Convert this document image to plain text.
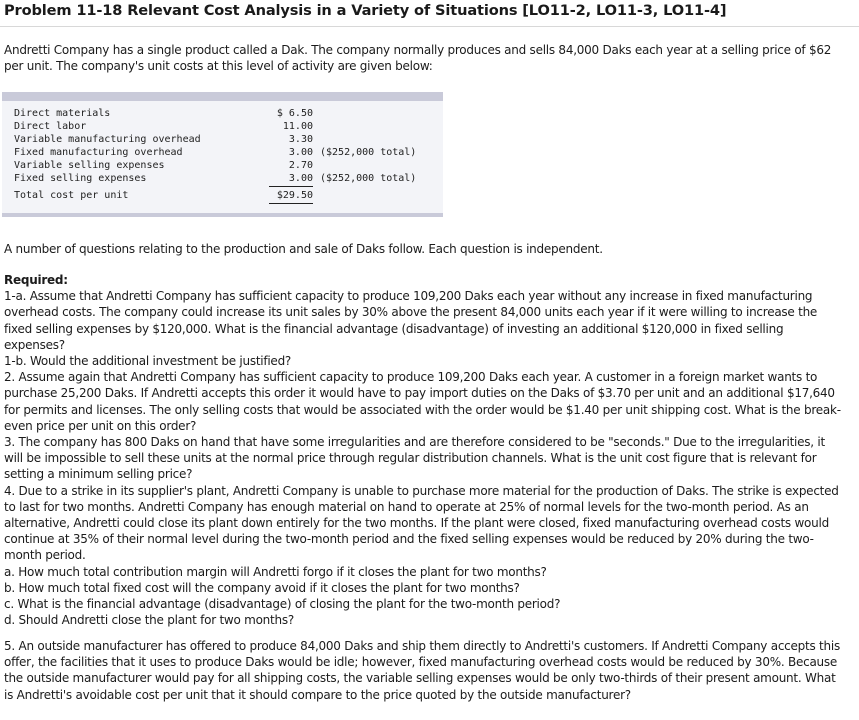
Problem 11-18 Relevant Cost Analysis in a Variety of Situations [LO11-2, LO11-3, LO11-4]

Andretti Company has a single product called a Dak. The company normally produces and sells 84,000 Daks each year at a selling price of $62 per unit. The company's unit costs at this level of activity are given below:

Direct materials	$ 6.50
Direct labor	11.00
Variable manufacturing overhead	3.30
Fixed manufacturing overhead	3.00 ($252,000 total)
Variable selling expenses	2.70
Fixed selling expenses	3.00 ($252,000 total)
Total cost per unit	$29.50

A number of questions relating to the production and sale of Daks follow. Each question is independent.

Required:
1-a. Assume that Andretti Company has sufficient capacity to produce 109,200 Daks each year without any increase in fixed manufacturing overhead costs. The company could increase its unit sales by 30% above the present 84,000 units each year if it were willing to increase the fixed selling expenses by $120,000. What is the financial advantage (disadvantage) of investing an additional $120,000 in fixed selling expenses?
1-b. Would the additional investment be justified?
2. Assume again that Andretti Company has sufficient capacity to produce 109,200 Daks each year. A customer in a foreign market wants to purchase 25,200 Daks. If Andretti accepts this order it would have to pay import duties on the Daks of $3.70 per unit and an additional $17,640 for permits and licenses. The only selling costs that would be associated with the order would be $1.40 per unit shipping cost. What is the break-even price per unit on this order?
3. The company has 800 Daks on hand that have some irregularities and are therefore considered to be "seconds." Due to the irregularities, it will be impossible to sell these units at the normal price through regular distribution channels. What is the unit cost figure that is relevant for setting a minimum selling price?
4. Due to a strike in its supplier's plant, Andretti Company is unable to purchase more material for the production of Daks. The strike is expected to last for two months. Andretti Company has enough material on hand to operate at 25% of normal levels for the two-month period. As an alternative, Andretti could close its plant down entirely for the two months. If the plant were closed, fixed manufacturing overhead costs would continue at 35% of their normal level during the two-month period and the fixed selling expenses would be reduced by 20% during the two-month period.
a. How much total contribution margin will Andretti forgo if it closes the plant for two months?
b. How much total fixed cost will the company avoid if it closes the plant for two months?
c. What is the financial advantage (disadvantage) of closing the plant for the two-month period?
d. Should Andretti close the plant for two months?

5. An outside manufacturer has offered to produce 84,000 Daks and ship them directly to Andretti's customers. If Andretti Company accepts this offer, the facilities that it uses to produce Daks would be idle; however, fixed manufacturing overhead costs would be reduced by 30%. Because the outside manufacturer would pay for all shipping costs, the variable selling expenses would be only two-thirds of their present amount. What is Andretti's avoidable cost per unit that it should compare to the price quoted by the outside manufacturer?
